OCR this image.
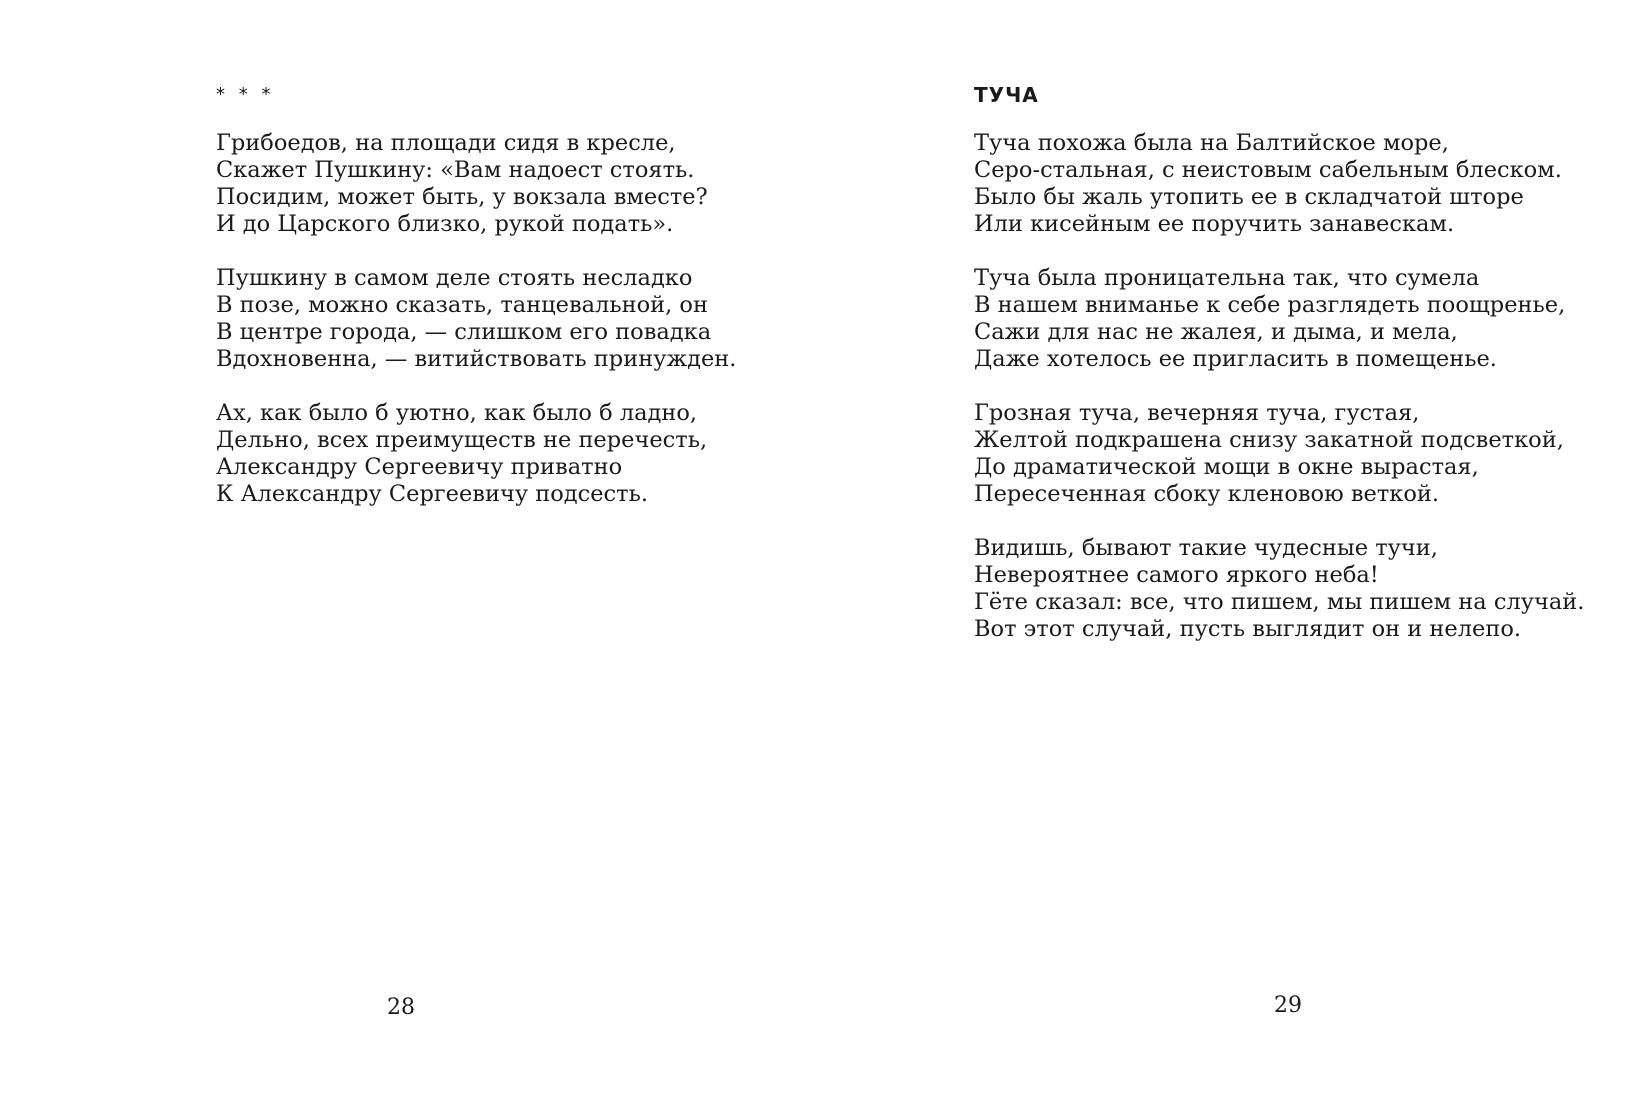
* * *
Грибоедов, на площади сидя в кресле,
Скажет Пушкину: «Вам надоест стоять.
Посидим, может быть, у вокзала вместе?
И до Царского близко, рукой подать».
Пушкину в самом деле стоять несладко
В позе, можно сказать, танцевальной, он
В центре города, — слишком его повадка
Вдохновенна, — витийствовать принужден.
Ах, как было б уютно, как было б ладно,
Дельно, всех преимуществ не перечесть,
Александру Сергеевичу приватно
К Александру Сергеевичу подсесть.
28
ТУЧА
Туча похожа была на Балтийское море,
Серо-стальная, с неистовым сабельным блеском.
Было бы жаль утопить ее в складчатой шторе
Или кисейным ее поручить занавескам.
Туча была проницательна так, что сумела
В нашем вниманье к себе разглядеть поощренье,
Сажи для нас не жалея, и дыма, и мела,
Даже хотелось ее пригласить в помещенье.
Грозная туча, вечерняя туча, густая,
Желтой подкрашена снизу закатной подсветкой,
До драматической мощи в окне вырастая,
Пересеченная сбоку кленовою веткой.
Видишь, бывают такие чудесные тучи,
Невероятнее самого яркого неба!
Гёте сказал: все, что пишем, мы пишем на случай.
Вот этот случай, пусть выглядит он и нелепо.
29
